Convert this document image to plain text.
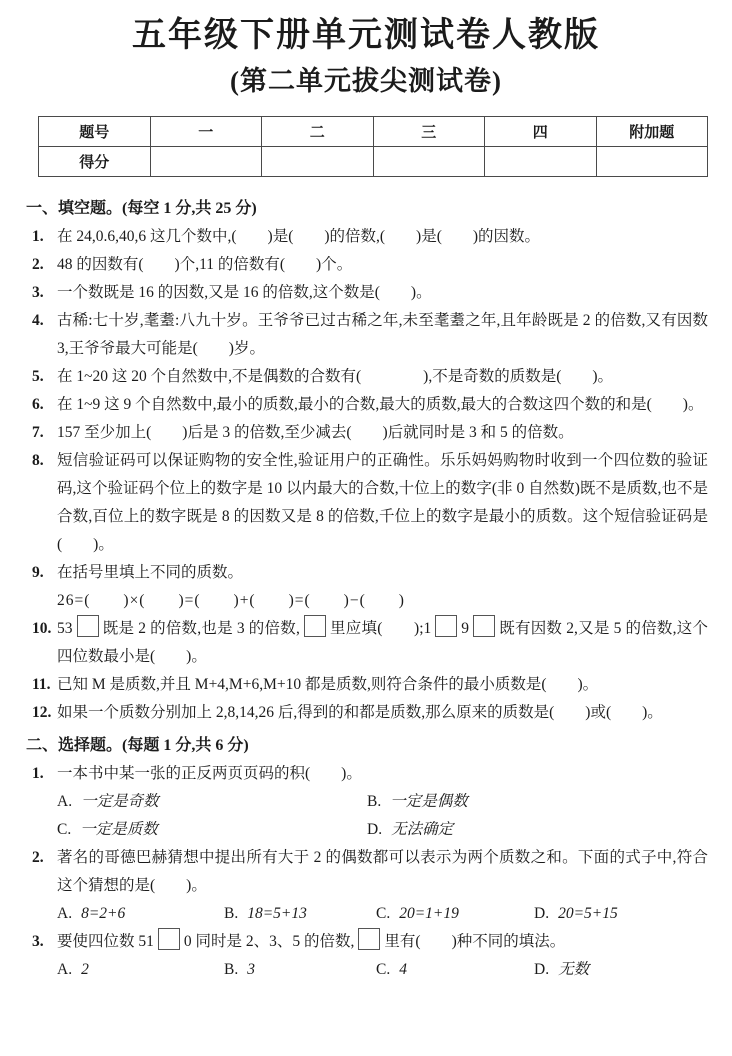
五年级下册单元测试卷人教版
(第二单元拔尖测试卷)
题号	一	二	三	四	附加题
得分					
一、填空题。(每空 1 分,共 25 分)
1. 在 24,0.6,40,6 这几个数中,(　　)是(　　)的倍数,(　　)是(　　)的因数。
2. 48 的因数有(　　)个,11 的倍数有(　　)个。
3. 一个数既是 16 的因数,又是 16 的倍数,这个数是(　　)。
4. 古稀:七十岁,耄耋:八九十岁。王爷爷已过古稀之年,未至耄耋之年,且年龄既是 2 的倍数,又有因数 3,王爷爷最大可能是(　　)岁。
5. 在 1~20 这 20 个自然数中,不是偶数的合数有(　　　　),不是奇数的质数是(　　)。
6. 在 1~9 这 9 个自然数中,最小的质数,最小的合数,最大的质数,最大的合数这四个数的和是(　　)。
7. 157 至少加上(　　)后是 3 的倍数,至少减去(　　)后就同时是 3 和 5 的倍数。
8. 短信验证码可以保证购物的安全性,验证用户的正确性。乐乐妈妈购物时收到一个四位数的验证码,这个验证码个位上的数字是 10 以内最大的合数,十位上的数字(非 0 自然数)既不是质数,也不是合数,百位上的数字既是 8 的因数又是 8 的倍数,千位上的数字是最小的质数。这个短信验证码是(　　)。
9. 在括号里填上不同的质数。
26=(　　)×(　　)=(　　)+(　　)=(　　)−(　　)
10. 53 既是 2 的倍数,也是 3 的倍数, 里应填(　　);1 9 既有因数 2,又是 5 的倍数,这个四位数最小是(　　)。
11. 已知 M 是质数,并且 M+4,M+6,M+10 都是质数,则符合条件的最小质数是(　　)。
12. 如果一个质数分别加上 2,8,14,26 后,得到的和都是质数,那么原来的质数是(　　)或(　　)。
二、选择题。(每题 1 分,共 6 分)
1. 一本书中某一张的正反两页页码的积(　　)。
A. 一定是奇数	B. 一定是偶数
C. 一定是质数	D. 无法确定
2. 著名的哥德巴赫猜想中提出所有大于 2 的偶数都可以表示为两个质数之和。下面的式子中,符合这个猜想的是(　　)。
A. 8=2+6	B. 18=5+13	C. 20=1+19	D. 20=5+15
3. 要使四位数 51 0 同时是 2、3、5 的倍数, 里有(　　)种不同的填法。
A. 2	B. 3	C. 4	D. 无数
